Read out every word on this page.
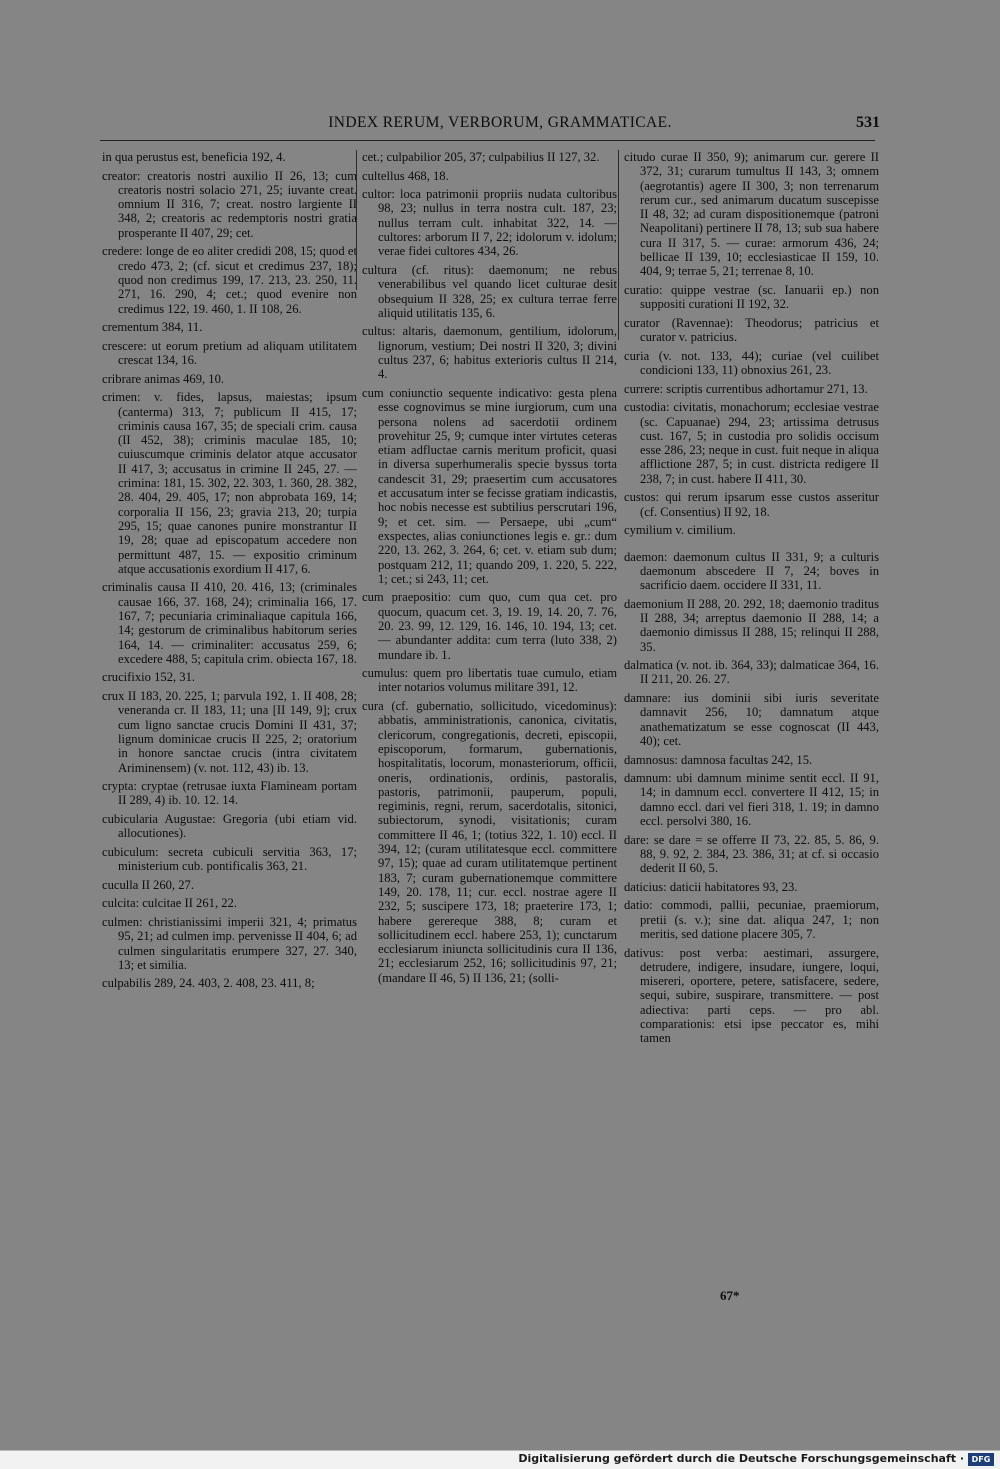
INDEX RERUM, VERBORUM, GRAMMATICAE.	531
in qua perustus est, beneficia 192, 4.
creator: creatoris nostri auxilio II 26, 13; cum creatoris nostri solacio 271, 25; iuvante creat. omnium II 316, 7; creat. nostro largiente II 348, 2; creatoris ac redemptoris nostri gratia prosperante II 407, 29; cet.
credere: longe de eo aliter credidi 208, 15; quod et credo 473, 2; (cf. sicut et credimus 237, 18); quod non credimus 199, 17. 213, 23. 250, 11. 271, 16. 290, 4; cet.; quod evenire non credimus 122, 19. 460, 1. II 108, 26.
crementum 384, 11.
crescere: ut eorum pretium ad aliquam utilitatem crescat 134, 16.
cribrare animas 469, 10.
crimen: v. fides, lapsus, maiestas; ipsum (canterma) 313, 7; publicum II 415, 17; criminis causa 167, 35; de speciali crim. causa (II 452, 38); criminis maculae 185, 10; cuiuscumque criminis delator atque accusator II 417, 3; accusatus in crimine II 245, 27. — crimina: 181, 15. 302, 22. 303, 1. 360, 28. 382, 28. 404, 29. 405, 17; non abprobata 169, 14; corporalia II 156, 23; gravia 213, 20; turpia 295, 15; quae canones punire monstrantur II 19, 28; quae ad episcopatum accedere non permittunt 487, 15. — expositio criminum atque accusationis exordium II 417, 6.
criminalis causa II 410, 20. 416, 13; (criminales causae 166, 37. 168, 24); criminalia 166, 17. 167, 7; pecuniaria criminaliaque capitula 166, 14; gestorum de criminalibus habitorum series 164, 14. — criminaliter: accusatus 259, 6; excedere 488, 5; capitula crim. obiecta 167, 18.
crucifixio 152, 31.
crux II 183, 20. 225, 1; parvula 192, 1. II 408, 28; veneranda cr. II 183, 11; una [II 149, 9]; crux cum ligno sanctae crucis Domini II 431, 37; lignum dominicae crucis II 225, 2; oratorium in honore sanctae crucis (intra civitatem Ariminensem) (v. not. 112, 43) ib. 13.
crypta: cryptae (retrusae iuxta Flamineam portam II 289, 4) ib. 10. 12. 14.
cubicularia Augustae: Gregoria (ubi etiam vid. allocutiones).
cubiculum: secreta cubiculi servitia 363, 17; ministerium cub. pontificalis 363, 21.
cuculla II 260, 27.
culcita: culcitae II 261, 22.
culmen: christianissimi imperii 321, 4; primatus 95, 21; ad culmen imp. pervenisse II 404, 6; ad culmen singularitatis erumpere 327, 27. 340, 13; et similia.
culpabilis 289, 24. 403, 2. 408, 23. 411, 8;
cet.; culpabilior 205, 37; culpabilius II 127, 32.
cultellus 468, 18.
cultor: loca patrimonii propriis nudata cultoribus 98, 23; nullus in terra nostra cult. 187, 23; nullus terram cult. inhabitat 322, 14. — cultores: arborum II 7, 22; idolorum v. idolum; verae fidei cultores 434, 26.
cultura (cf. ritus): daemonum; ne rebus venerabilibus vel quando licet culturae desit obsequium II 328, 25; ex cultura terrae ferre aliquid utilitatis 135, 6.
cultus: altaris, daemonum, gentilium, idolorum, lignorum, vestium; Dei nostri II 320, 3; divini cultus 237, 6; habitus exterioris cultus II 214, 4.
cum coniunctio sequente indicativo: gesta plena esse cognovimus se mine iurgiorum, cum una persona nolens ad sacerdotii ordinem provehitur 25, 9; cumque inter virtutes ceteras etiam adfluctae carnis meritum proficit, quasi in diversa superhumeralis specie byssus torta candescit 31, 29; praesertim cum accusatores et accusatum inter se fecisse gratiam indicastis, hoc nobis necesse est subtilius perscrutari 196, 9; et cet. sim. — Persaepe, ubi „cum“ exspectes, alias coniunctiones legis e. gr.: dum 220, 13. 262, 3. 264, 6; cet. v. etiam sub dum; postquam 212, 11; quando 209, 1. 220, 5. 222, 1; cet.; si 243, 11; cet.
cum praepositio: cum quo, cum qua cet. pro quocum, quacum cet. 3, 19. 19, 14. 20, 7. 76, 20. 23. 99, 12. 129, 16. 146, 10. 194, 13; cet. — abundanter addita: cum terra (luto 338, 2) mundare ib. 1.
cumulus: quem pro libertatis tuae cumulo, etiam inter notarios volumus militare 391, 12.
cura (cf. gubernatio, sollicitudo, vicedominus): abbatis, amministrationis, canonica, civitatis, clericorum, congregationis, decreti, episcopii, episcoporum, formarum, gubernationis, hospitalitatis, locorum, monasteriorum, officii, oneris, ordinationis, ordinis, pastoralis, pastoris, patrimonii, pauperum, populi, regiminis, regni, rerum, sacerdotalis, sitonici, subiectorum, synodi, visitationis; curam committere II 46, 1; (totius 322, 1. 10) eccl. II 394, 12; (curam utilitatesque eccl. committere 97, 15); quae ad curam utilitatemque pertinent 183, 7; curam gubernationemque committere 149, 20. 178, 11; cur. eccl. nostrae agere II 232, 5; suscipere 173, 18; praeterire 173, 1; habere gerereque 388, 8; curam et sollicitudinem eccl. habere 253, 1); cunctarum ecclesiarum iniuncta sollicitudinis cura II 136, 21; ecclesiarum 252, 16; sollicitudinis 97, 21; (mandare II 46, 5) II 136, 21; (solli-
citudo curae II 350, 9); animarum cur. gerere II 372, 31; curarum tumultus II 143, 3; omnem (aegrotantis) agere II 300, 3; non terrenarum rerum cur., sed animarum ducatum suscepisse II 48, 32; ad curam dispositionemque (patroni Neapolitani) pertinere II 78, 13; sub sua habere cura II 317, 5. — curae: armorum 436, 24; bellicae II 139, 10; ecclesiasticae II 159, 10. 404, 9; terrae 5, 21; terrenae 8, 10.
curatio: quippe vestrae (sc. Ianuarii ep.) non suppositi curationi II 192, 32.
curator (Ravennae): Theodorus; patricius et curator v. patricius.
curia (v. not. 133, 44); curiae (vel cuilibet condicioni 133, 11) obnoxius 261, 23.
currere: scriptis currentibus adhortamur 271, 13.
custodia: civitatis, monachorum; ecclesiae vestrae (sc. Capuanae) 294, 23; artissima detrusus cust. 167, 5; in custodia pro solidis occisum esse 286, 23; neque in cust. fuit neque in aliqua afflictione 287, 5; in cust. districta redigere II 238, 7; in cust. habere II 411, 30.
custos: qui rerum ipsarum esse custos asseritur (cf. Consentius) II 92, 18.
cymilium v. cimilium.
daemon: daemonum cultus II 331, 9; a culturis daemonum abscedere II 7, 24; boves in sacrificio daem. occidere II 331, 11.
daemonium II 288, 20. 292, 18; daemonio traditus II 288, 34; arreptus daemonio II 288, 14; a daemonio dimissus II 288, 15; relinqui II 288, 35.
dalmatica (v. not. ib. 364, 33); dalmaticae 364, 16. II 211, 20. 26. 27.
damnare: ius dominii sibi iuris severitate damnavit 256, 10; damnatum atque anathematizatum se esse cognoscat (II 443, 40); cet.
damnosus: damnosa facultas 242, 15.
damnum: ubi damnum minime sentit eccl. II 91, 14; in damnum eccl. convertere II 412, 15; in damno eccl. dari vel fieri 318, 1. 19; in damno eccl. persolvi 380, 16.
dare: se dare = se offerre II 73, 22. 85, 5. 86, 9. 88, 9. 92, 2. 384, 23. 386, 31; at cf. si occasio dederit II 60, 5.
daticius: daticii habitatores 93, 23.
datio: commodi, pallii, pecuniae, praemiorum, pretii (s. v.); sine dat. aliqua 247, 1; non meritis, sed datione placere 305, 7.
dativus: post verba: aestimari, assurgere, detrudere, indigere, insudare, iungere, loqui, misereri, oportere, petere, satisfacere, sedere, sequi, subire, suspirare, transmittere. — post adiectiva: parti ceps. — pro abl. comparationis: etsi ipse peccator es, mihi tamen
67*
Digitalisierung gefördert durch die Deutsche Forschungsgemeinschaft · DFG
